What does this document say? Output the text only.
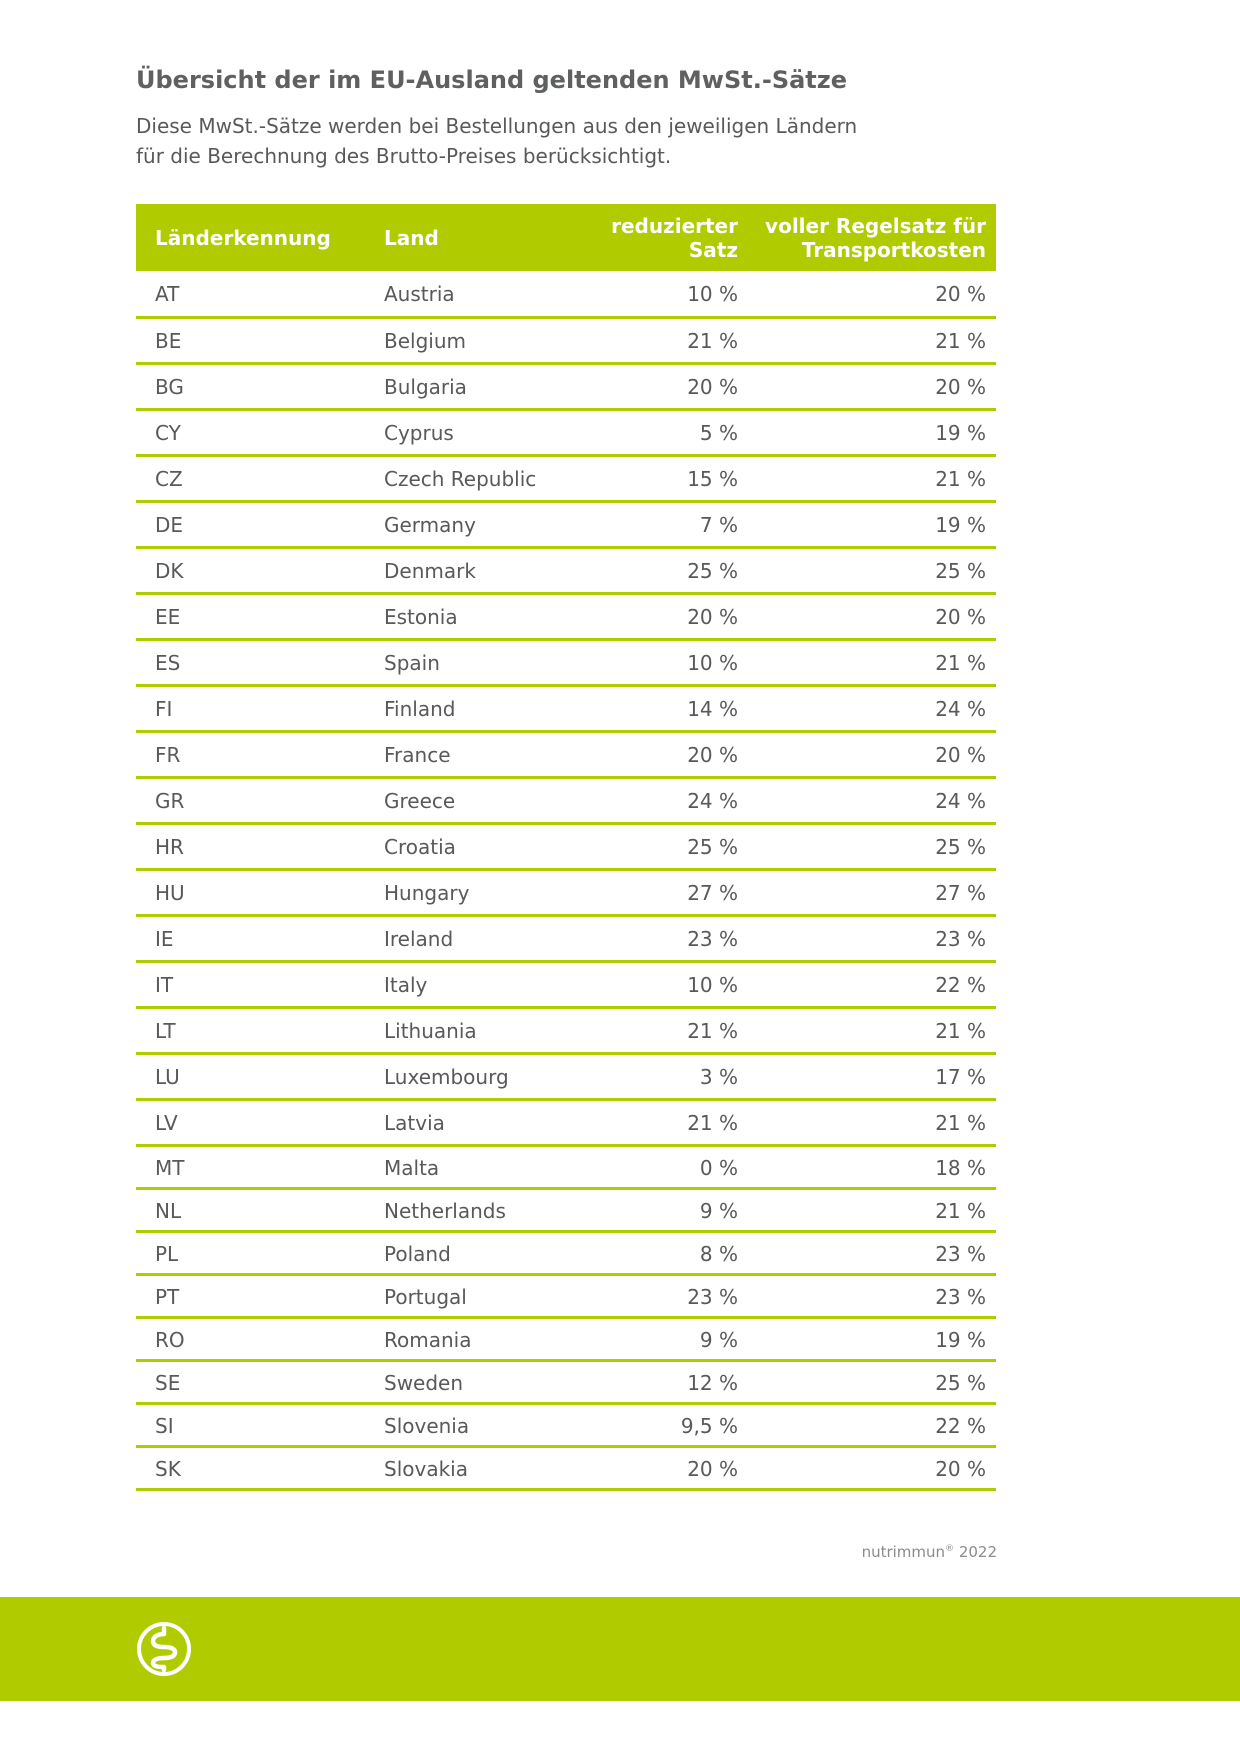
Übersicht der im EU-Ausland geltenden MwSt.-Sätze

Diese MwSt.-Sätze werden bei Bestellungen aus den jeweiligen Ländern
für die Berechnung des Brutto-Preises berücksichtigt.

Länderkennung	Land	reduzierter Satz	voller Regelsatz für
Transportkosten

AT	Austria	10 %	20 %
BE	Belgium	21 %	21 %
BG	Bulgaria	20 %	20 %
CY	Cyprus	5 %	19 %
CZ	Czech Republic	15 %	21 %
DE	Germany	7 %	19 %
DK	Denmark	25 %	25 %
EE	Estonia	20 %	20 %
ES	Spain	10 %	21 %
FI	Finland	14 %	24 %
FR	France	20 %	20 %
GR	Greece	24 %	24 %
HR	Croatia	25 %	25 %
HU	Hungary	27 %	27 %
IE	Ireland	23 %	23 %
IT	Italy	10 %	22 %
LT	Lithuania	21 %	21 %
LU	Luxembourg	3 %	17 %
LV	Latvia	21 %	21 %
MT	Malta	0 %	18 %
NL	Netherlands	9 %	21 %
PL	Poland	8 %	23 %
PT	Portugal	23 %	23 %
RO	Romania	9 %	19 %
SE	Sweden	12 %	25 %
SI	Slovenia	9,5 %	22 %
SK	Slovakia	20 %	20 %
nutrimmun® 2022
